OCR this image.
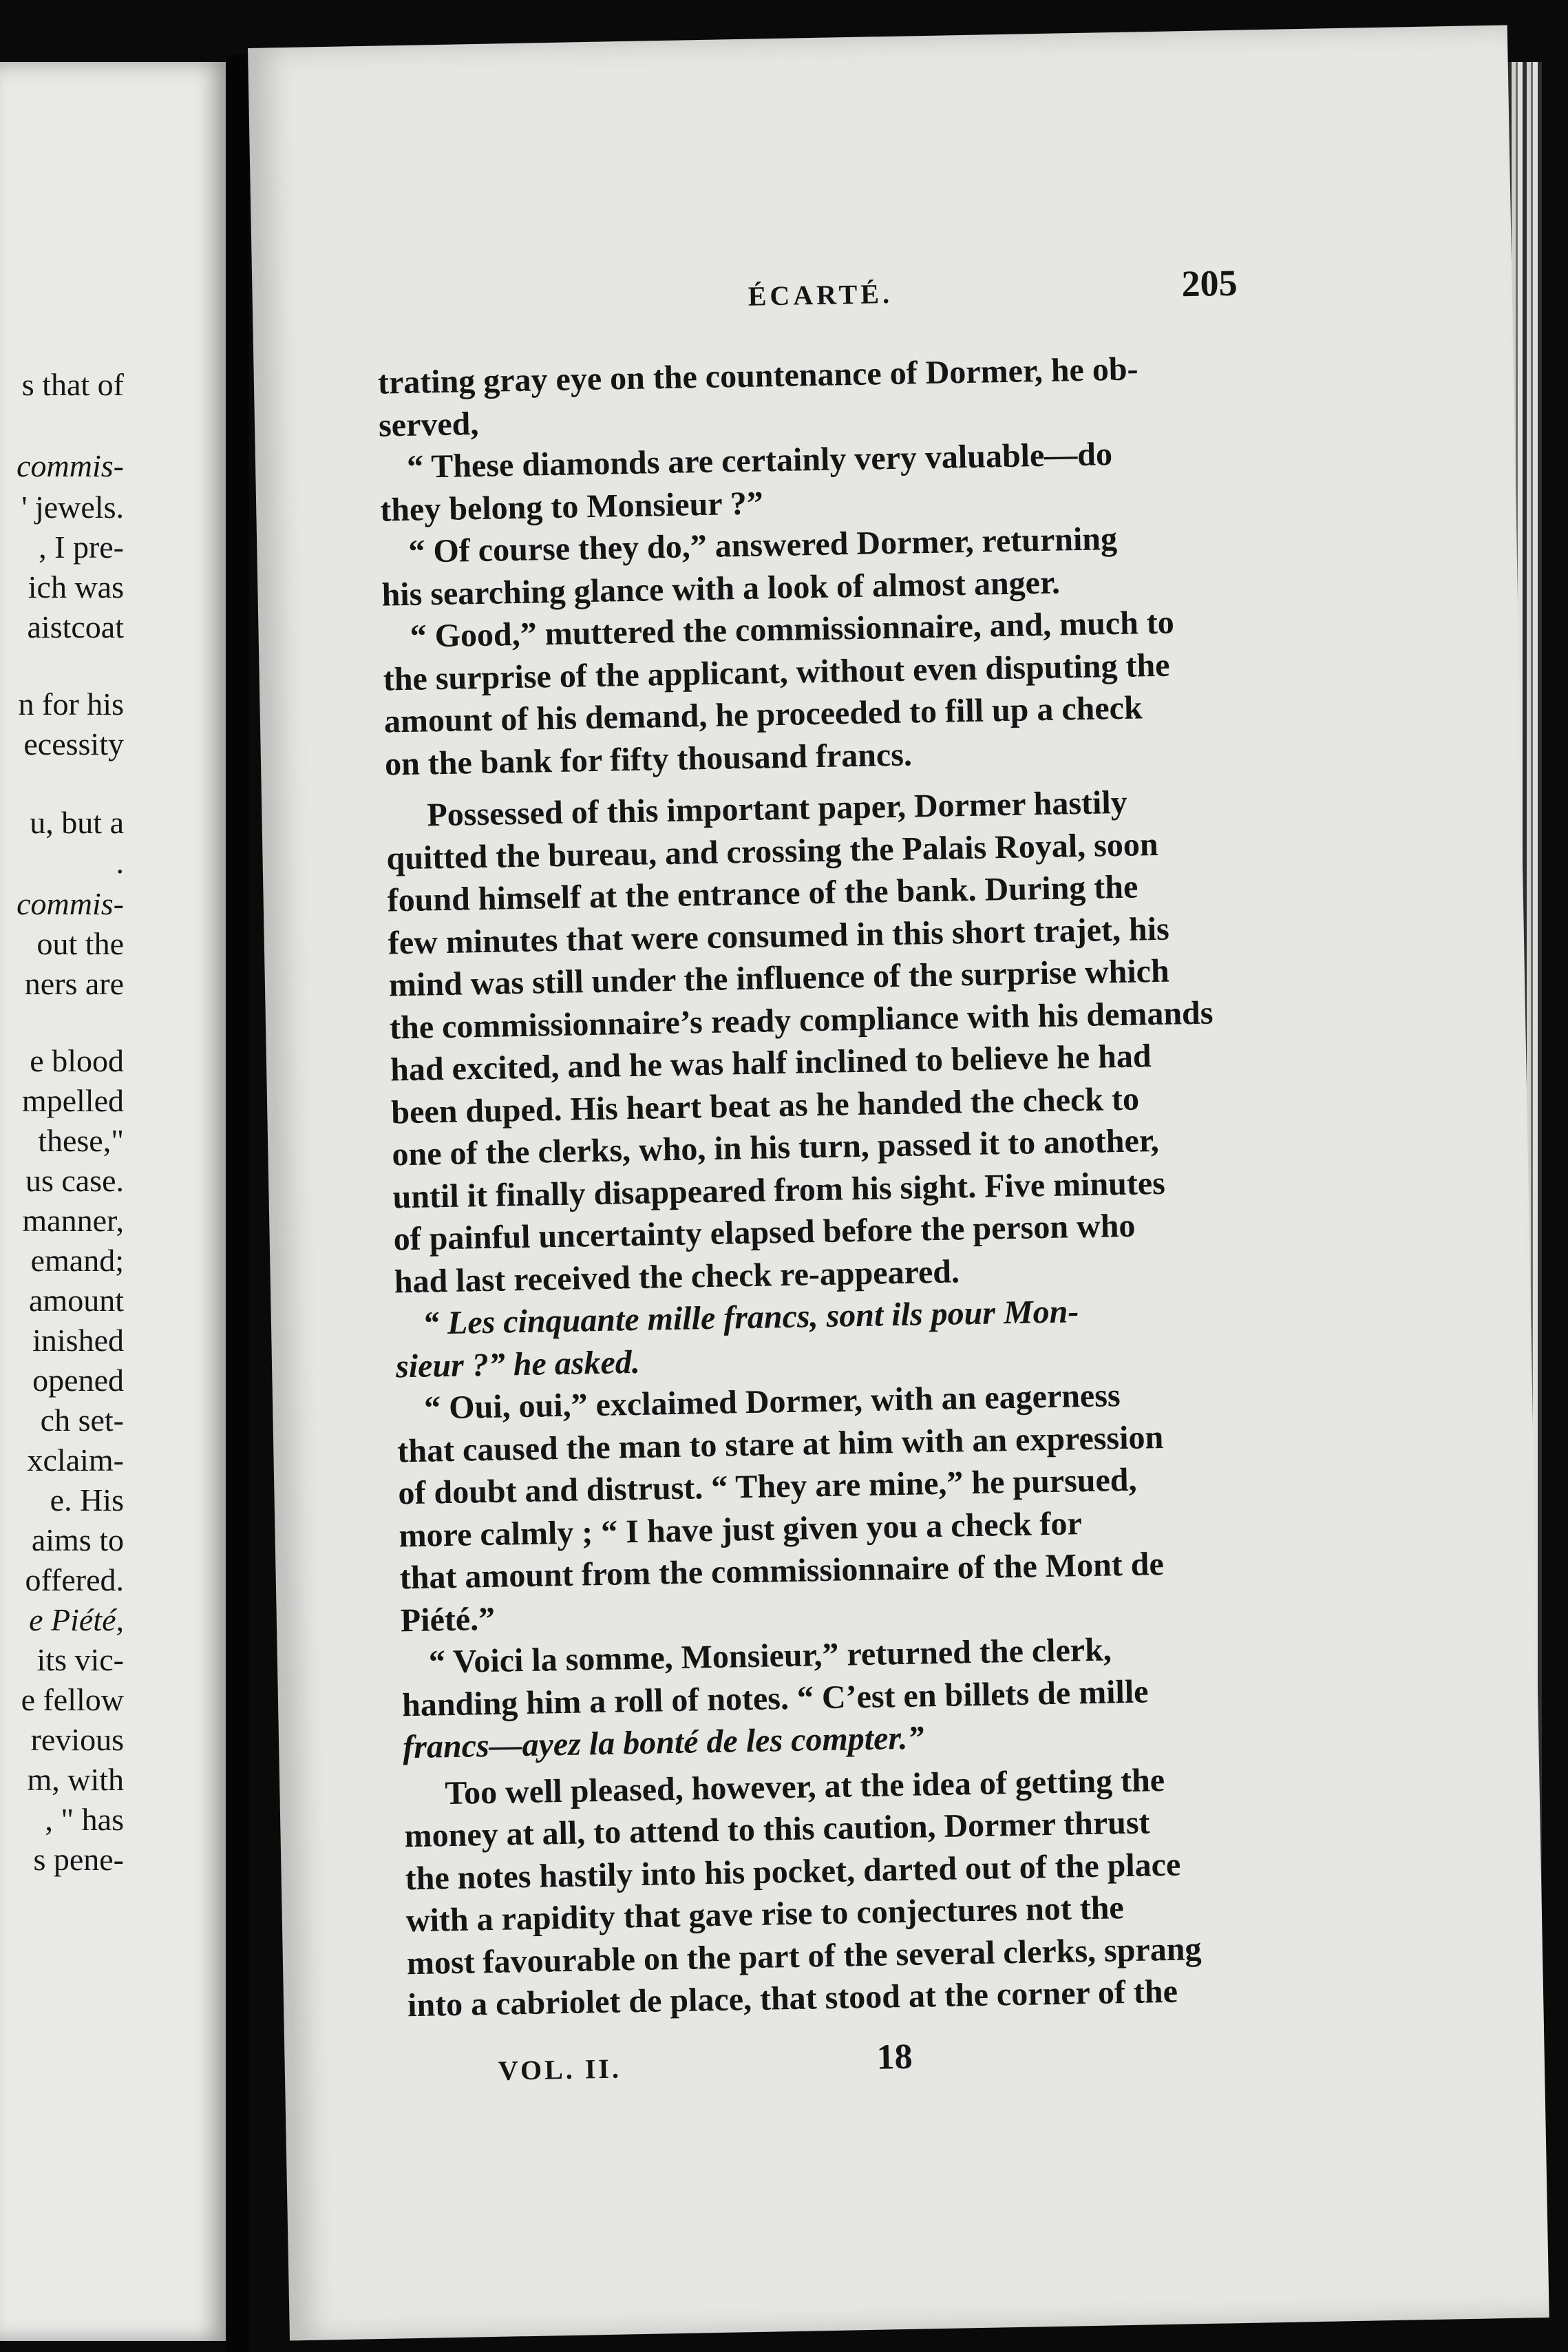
s that of
commis-
' jewels.
, I pre-
ich was
aistcoat
n for his
ecessity
u, but a
.
commis-
out the
ners are
e blood
mpelled
these,"
us case.
manner,
emand;
amount
inished
opened
ch set-
xclaim-
e. His
aims to
offered.
e Piété,
its vic-
e fellow
revious
m, with
, " has
s pene-
ÉCARTÉ.	205
trating gray eye on the countenance of Dormer, he ob-
served,
“ These diamonds are certainly very valuable—do
they belong to Monsieur ?”
“ Of course they do,” answered Dormer, returning
his searching glance with a look of almost anger.
“ Good,” muttered the commissionnaire, and, much to
the surprise of the applicant, without even disputing the
amount of his demand, he proceeded to fill up a check
on the bank for fifty thousand francs.
Possessed of this important paper, Dormer hastily
quitted the bureau, and crossing the Palais Royal, soon
found himself at the entrance of the bank. During the
few minutes that were consumed in this short trajet, his
mind was still under the influence of the surprise which
the commissionnaire’s ready compliance with his demands
had excited, and he was half inclined to believe he had
been duped. His heart beat as he handed the check to
one of the clerks, who, in his turn, passed it to another,
until it finally disappeared from his sight. Five minutes
of painful uncertainty elapsed before the person who
had last received the check re-appeared.
“ Les cinquante mille francs, sont ils pour Mon-
sieur ?” he asked.
“ Oui, oui,” exclaimed Dormer, with an eagerness
that caused the man to stare at him with an expression
of doubt and distrust. “ They are mine,” he pursued,
more calmly ; “ I have just given you a check for
that amount from the commissionnaire of the Mont de
Piété.”
“ Voici la somme, Monsieur,” returned the clerk,
handing him a roll of notes. “ C’est en billets de mille
francs—ayez la bonté de les compter.”
Too well pleased, however, at the idea of getting the
money at all, to attend to this caution, Dormer thrust
the notes hastily into his pocket, darted out of the place
with a rapidity that gave rise to conjectures not the
most favourable on the part of the several clerks, sprang
into a cabriolet de place, that stood at the corner of the
VOL. II.	18
